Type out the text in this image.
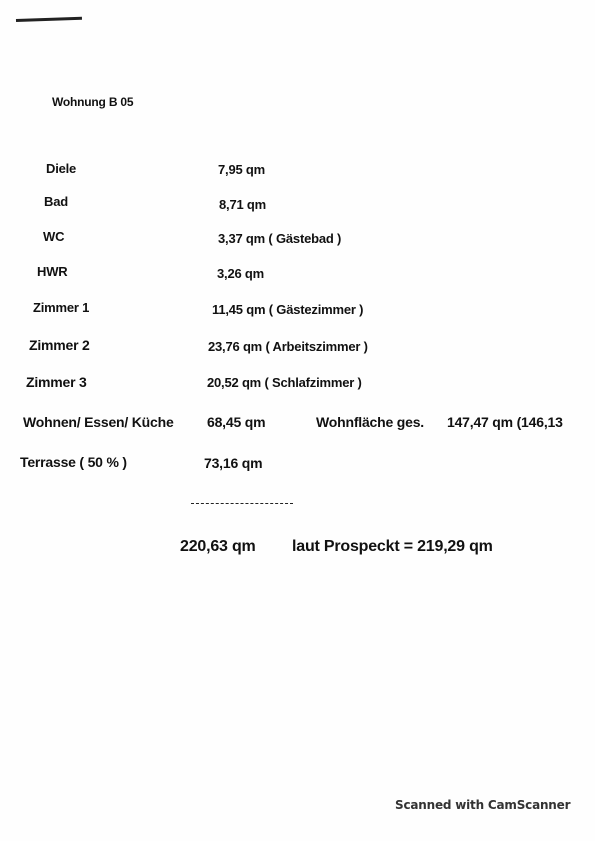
Wohnung B 05
Diele	7,95 qm
Bad	8,71 qm
WC	3,37 qm ( Gästebad )
HWR	3,26 qm
Zimmer 1	11,45 qm ( Gästezimmer )
Zimmer 2	23,76 qm ( Arbeitszimmer )
Zimmer 3	20,52 qm ( Schlafzimmer )
Wohnen/ Essen/ Küche 68,45 qm	Wohnfläche ges. 147,47 qm (146,13
Terrasse ( 50 % )	73,16 qm
220,63 qm laut Prospeckt = 219,29 qm
Scanned with CamScanner
